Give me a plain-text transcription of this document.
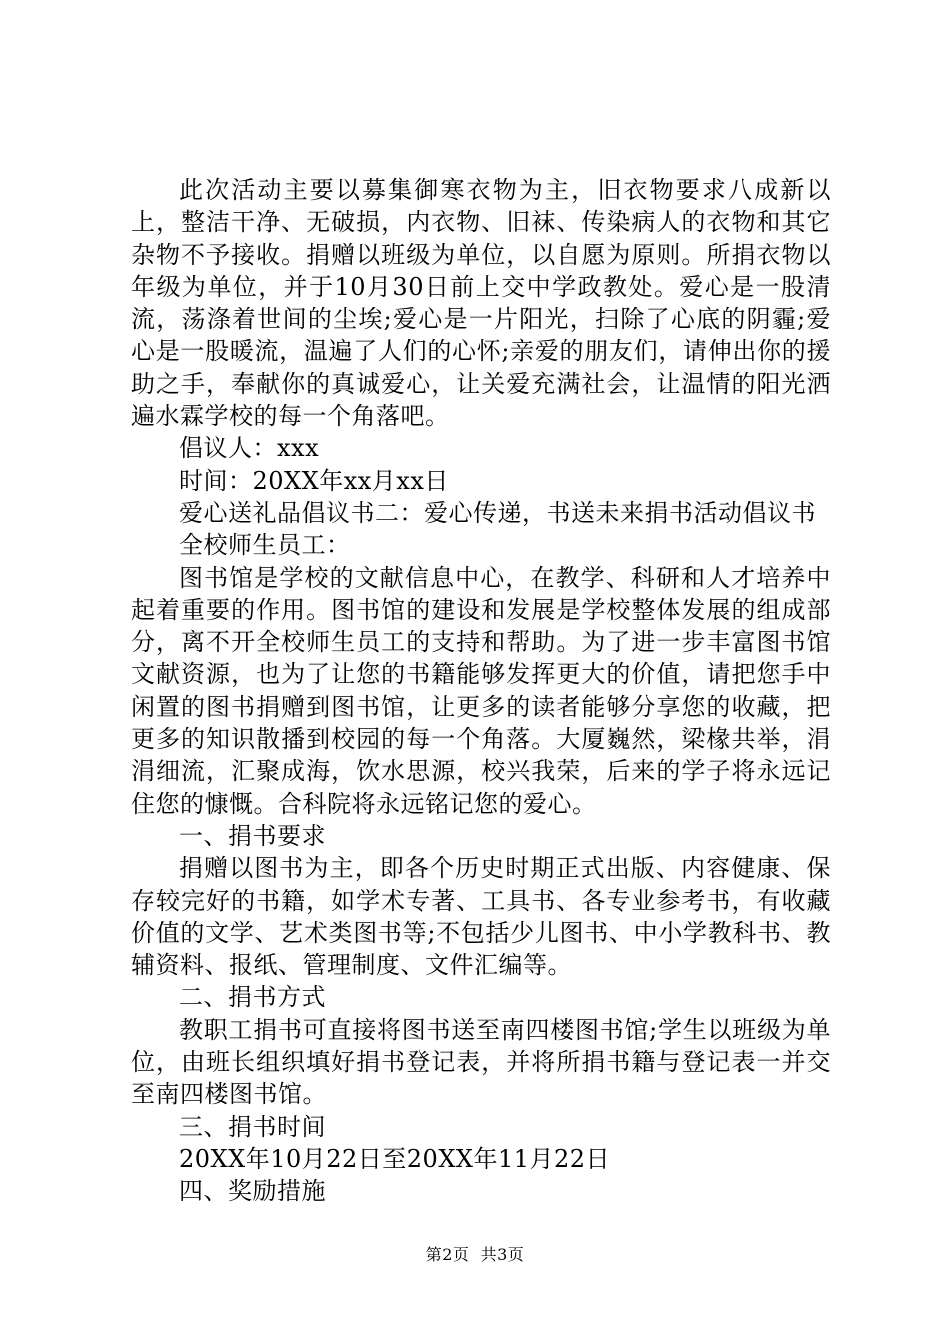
此次活动主要以募集御寒衣物为主，旧衣物要求八成新以上，整洁干净、无破损，内衣物、旧袜、传染病人的衣物和其它杂物不予接收。捐赠以班级为单位，以自愿为原则。所捐衣物以年级为单位，并于10月30日前上交中学政教处。爱心是一股清流，荡涤着世间的尘埃;爱心是一片阳光，扫除了心底的阴霾;爱心是一股暖流，温遍了人们的心怀;亲爱的朋友们，请伸出你的援助之手，奉献你的真诚爱心，让关爱充满社会，让温情的阳光洒遍水霖学校的每一个角落吧。

倡议人：xxx

时间：20XX年xx月xx日

爱心送礼品倡议书二：爱心传递，书送未来捐书活动倡议书

全校师生员工：

图书馆是学校的文献信息中心，在教学、科研和人才培养中起着重要的作用。图书馆的建设和发展是学校整体发展的组成部分，离不开全校师生员工的支持和帮助。为了进一步丰富图书馆文献资源，也为了让您的书籍能够发挥更大的价值，请把您手中闲置的图书捐赠到图书馆，让更多的读者能够分享您的收藏，把更多的知识散播到校园的每一个角落。大厦巍然，梁椽共举，涓涓细流，汇聚成海，饮水思源，校兴我荣，后来的学子将永远记住您的慷慨。合科院将永远铭记您的爱心。

一、捐书要求

捐赠以图书为主，即各个历史时期正式出版、内容健康、保存较完好的书籍，如学术专著、工具书、各专业参考书，有收藏价值的文学、艺术类图书等;不包括少儿图书、中小学教科书、教辅资料、报纸、管理制度、文件汇编等。

二、捐书方式

教职工捐书可直接将图书送至南四楼图书馆;学生以班级为单位，由班长组织填好捐书登记表，并将所捐书籍与登记表一并交至南四楼图书馆。

三、捐书时间

20XX年10月22日至20XX年11月22日

四、奖励措施

第2页  共3页
